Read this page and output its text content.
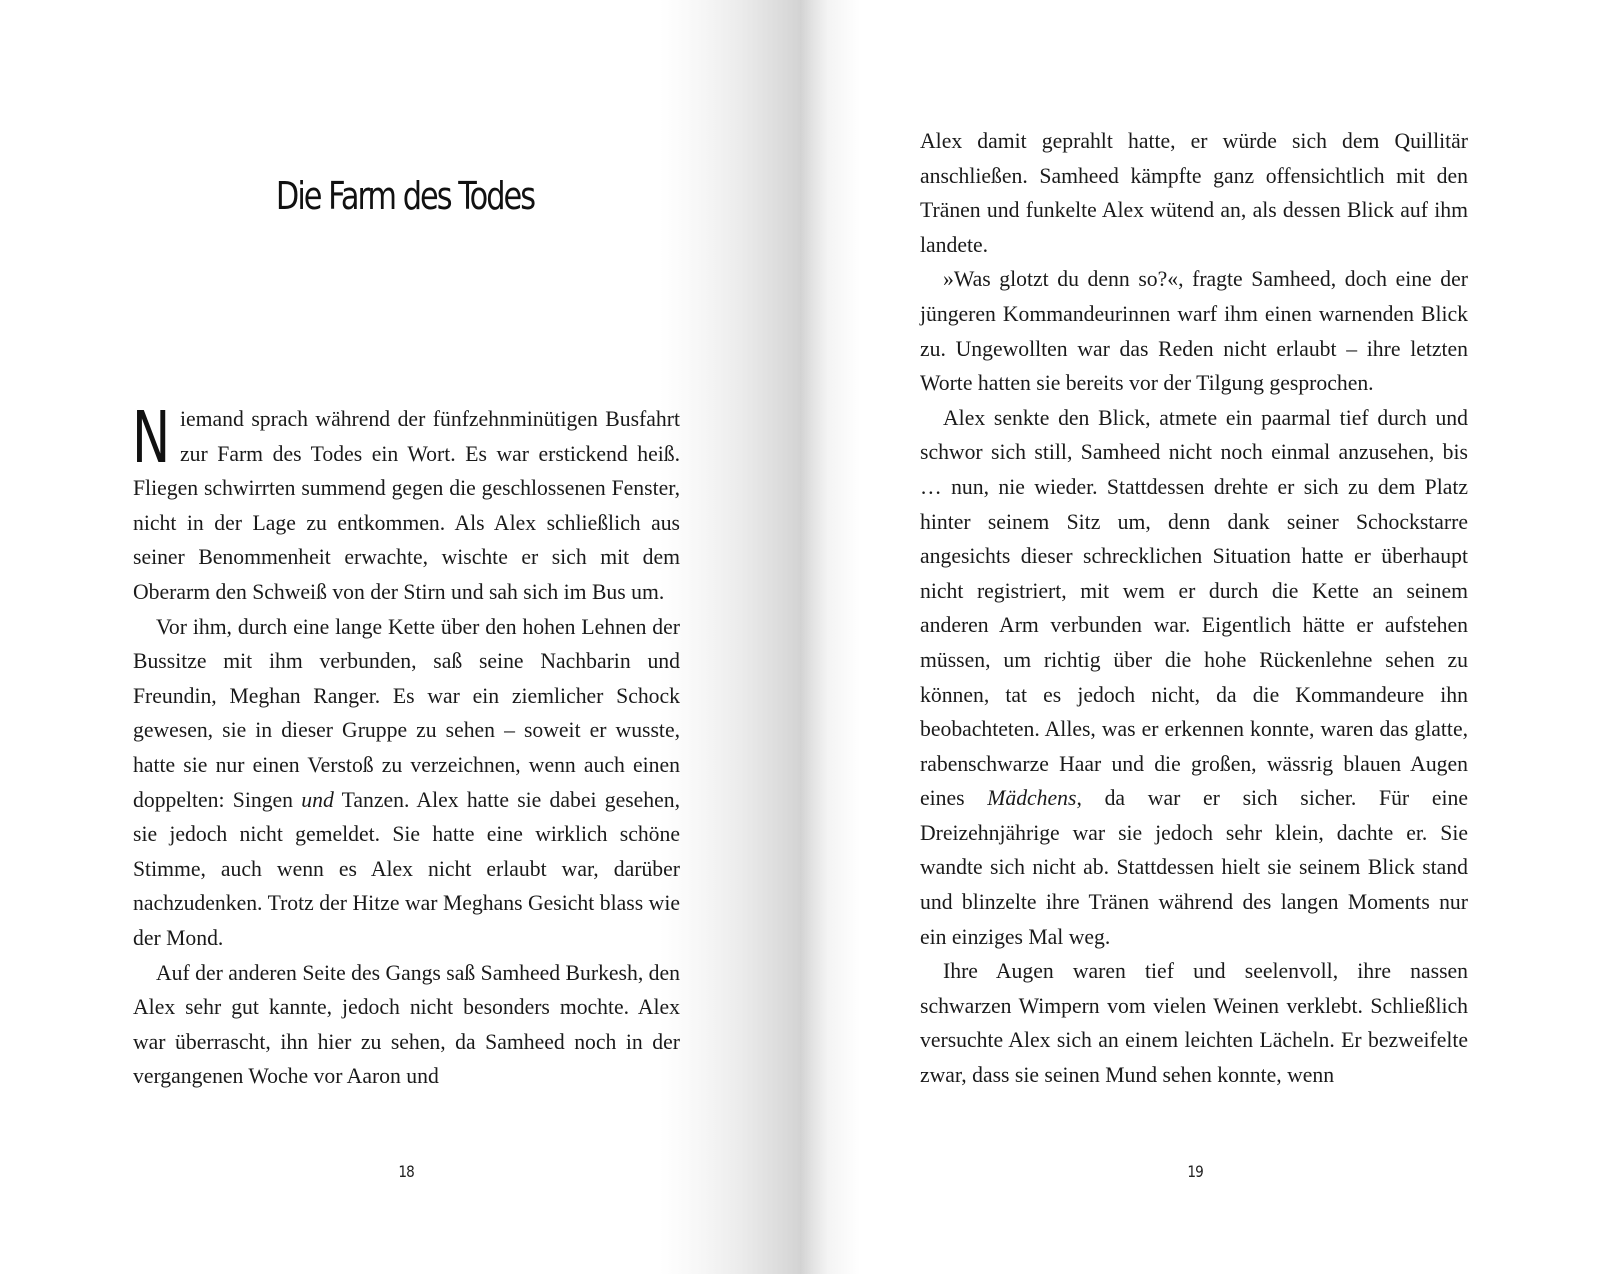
Die Farm des Todes

Niemand sprach während der fünfzehnminütigen Busfahrt zur Farm des Todes ein Wort. Es war erstickend heiß. Fliegen schwirrten summend gegen die geschlossenen Fenster, nicht in der Lage zu entkommen. Als Alex schließlich aus seiner Benommenheit erwachte, wischte er sich mit dem Oberarm den Schweiß von der Stirn und sah sich im Bus um.

Vor ihm, durch eine lange Kette über den hohen Lehnen der Bussitze mit ihm verbunden, saß seine Nachbarin und Freundin, Meghan Ranger. Es war ein ziemlicher Schock gewesen, sie in dieser Gruppe zu sehen – soweit er wusste, hatte sie nur einen Verstoß zu verzeichnen, wenn auch einen doppelten: Singen und Tanzen. Alex hatte sie dabei gesehen, sie jedoch nicht gemeldet. Sie hatte eine wirklich schöne Stimme, auch wenn es Alex nicht erlaubt war, darüber nachzudenken. Trotz der Hitze war Meghans Gesicht blass wie der Mond.

Auf der anderen Seite des Gangs saß Samheed Burkesh, den Alex sehr gut kannte, jedoch nicht besonders mochte. Alex war überrascht, ihn hier zu sehen, da Samheed noch in der vergangenen Woche vor Aaron und

18

Alex damit geprahlt hatte, er würde sich dem Quillitär anschließen. Samheed kämpfte ganz offensichtlich mit den Tränen und funkelte Alex wütend an, als dessen Blick auf ihm landete.

»Was glotzt du denn so?«, fragte Samheed, doch eine der jüngeren Kommandeurinnen warf ihm einen warnenden Blick zu. Ungewollten war das Reden nicht erlaubt – ihre letzten Worte hatten sie bereits vor der Tilgung gesprochen.

Alex senkte den Blick, atmete ein paarmal tief durch und schwor sich still, Samheed nicht noch einmal anzusehen, bis … nun, nie wieder. Stattdessen drehte er sich zu dem Platz hinter seinem Sitz um, denn dank seiner Schockstarre angesichts dieser schrecklichen Situation hatte er überhaupt nicht registriert, mit wem er durch die Kette an seinem anderen Arm verbunden war. Eigentlich hätte er aufstehen müssen, um richtig über die hohe Rückenlehne sehen zu können, tat es jedoch nicht, da die Kommandeure ihn beobachteten. Alles, was er erkennen konnte, waren das glatte, rabenschwarze Haar und die großen, wässrig blauen Augen eines Mädchens, da war er sich sicher. Für eine Dreizehnjährige war sie jedoch sehr klein, dachte er. Sie wandte sich nicht ab. Stattdessen hielt sie seinem Blick stand und blinzelte ihre Tränen während des langen Moments nur ein einziges Mal weg.

Ihre Augen waren tief und seelenvoll, ihre nassen schwarzen Wimpern vom vielen Weinen verklebt. Schließlich versuchte Alex sich an einem leichten Lächeln. Er bezweifelte zwar, dass sie seinen Mund sehen konnte, wenn

19
